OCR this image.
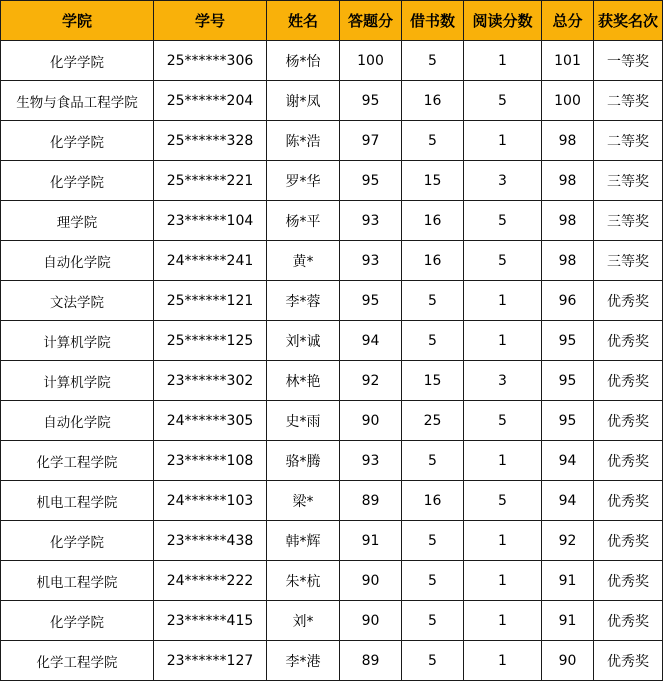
学院	学号	姓名	答题分	借书数	阅读分数	总分	获奖名次
化学学院	25******306	杨*怡	100	5	1	101	一等奖
生物与食品工程学院	25******204	谢*凤	95	16	5	100	二等奖
化学学院	25******328	陈*浩	97	5	1	98	二等奖
化学学院	25******221	罗*华	95	15	3	98	三等奖
理学院	23******104	杨*平	93	16	5	98	三等奖
自动化学院	24******241	黄*	93	16	5	98	三等奖
文法学院	25******121	李*蓉	95	5	1	96	优秀奖
计算机学院	25******125	刘*诚	94	5	1	95	优秀奖
计算机学院	23******302	林*艳	92	15	3	95	优秀奖
自动化学院	24******305	史*雨	90	25	5	95	优秀奖
化学工程学院	23******108	骆*腾	93	5	1	94	优秀奖
机电工程学院	24******103	梁*	89	16	5	94	优秀奖
化学学院	23******438	韩*辉	91	5	1	92	优秀奖
机电工程学院	24******222	朱*杭	90	5	1	91	优秀奖
化学学院	23******415	刘*	90	5	1	91	优秀奖
化学工程学院	23******127	李*港	89	5	1	90	优秀奖
